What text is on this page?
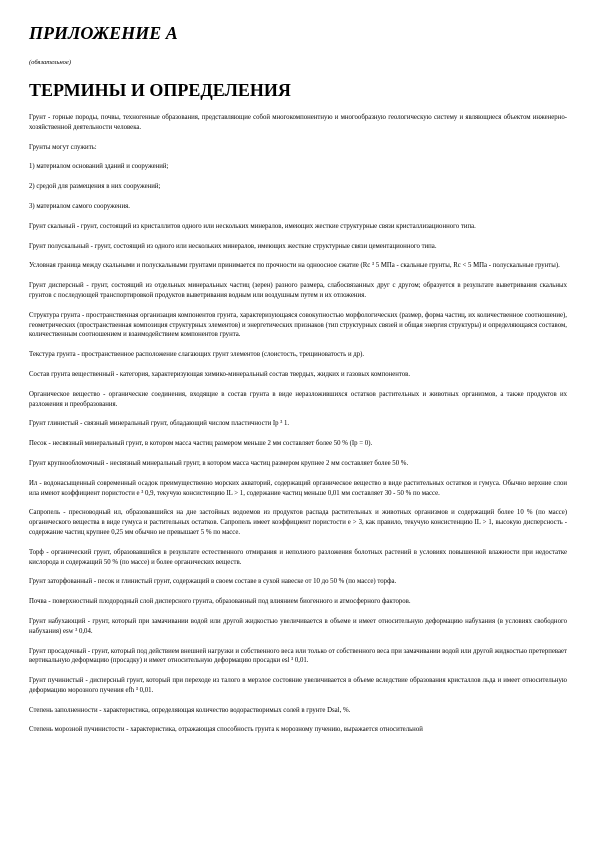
ПРИЛОЖЕНИЕ А

(обязательное)

ТЕРМИНЫ И ОПРЕДЕЛЕНИЯ

Грунт - горные породы, почвы, техногенные образования, представляющие собой многокомпонентную и многообразную геологическую систему и являющиеся объектом инженерно-хозяйственной деятельности человека.

Грунты могут служить:

1) материалом оснований зданий и сооружений;

2) средой для размещения в них сооружений;

3) материалом самого сооружения.

Грунт скальный - грунт, состоящий из кристаллитов одного или нескольких минералов, имеющих жесткие структурные связи кристаллизационного типа.

Грунт полускальный - грунт, состоящий из одного или нескольких минералов, имеющих жесткие структурные связи цементационного типа.

Условная граница между скальными и полускальными грунтами принимается по прочности на одноосное сжатие (Rc ³ 5 МПа - скальные грунты, Rc < 5 МПа - полускальные грунты).

Грунт дисперсный - грунт, состоящий из отдельных минеральных частиц (зерен) разного размера, слабосвязанных друг с другом; образуется в результате выветривания скальных грунтов с последующей транспортировкой продуктов выветривания водным или воздушным путем и их отложения.

Структура грунта - пространственная организация компонентов грунта, характеризующаяся совокупностью морфологических (размер, форма частиц, их количественное соотношение), геометрических (пространственная композиция структурных элементов) и энергетических признаков (тип структурных связей и общая энергия структуры) и определяющаяся составом, количественным соотношением и взаимодействием компонентов грунта.

Текстура грунта - пространственное расположение слагающих грунт элементов (слоистость, трещиноватость и др).

Состав грунта вещественный - категория, характеризующая химико-минеральный состав твердых, жидких и газовых компонентов.

Органическое вещество - органические соединения, входящие в состав грунта в виде неразложившихся остатков растительных и животных организмов, а также продуктов их разложения и преобразования.

Грунт глинистый - связный минеральный грунт, обладающий числом пластичности Ip ³ 1.

Песок - несвязный минеральный грунт, в котором масса частиц размером меньше 2 мм составляет более 50 % (Ip = 0).

Грунт крупнообломочный - несвязный минеральный грунт, в котором масса частиц размером крупнее 2 мм составляет более 50 %.

Ил - водонасыщенный современный осадок преимущественно морских акваторий, содержащий органическое вещество в виде растительных остатков и гумуса. Обычно верхние слои ила имеют коэффициент пористости е ³ 0,9, текучую консистенцию IL > 1, содержание частиц меньше 0,01 мм составляет 30 - 50 % по массе.

Сапропель - пресноводный ил, образовавшийся на дне застойных водоемов из продуктов распада растительных и животных организмов и содержащий более 10 % (по массе) органического вещества в виде гумуса и растительных остатков. Сапропель имеет коэффициент пористости е > 3, как правило, текучую консистенцию IL > 1, высокую дисперсность - содержание частиц крупнее 0,25 мм обычно не превышает 5 % по массе.

Торф - органический грунт, образовавшийся в результате естественного отмирания и неполного разложения болотных растений в условиях повышенной влажности при недостатке кислорода и содержащий 50 % (по массе) и более органических веществ.

Грунт заторфованный - песок и глинистый грунт, содержащий в своем составе в сухой навеске от 10 до 50 % (по массе) торфа.

Почва - поверхностный плодородный слой дисперсного грунта, образованный под влиянием биогенного и атмосферного факторов.

Грунт набухающий - грунт, который при замачивании водой или другой жидкостью увеличивается в объеме и имеет относительную деформацию набухания (в условиях свободного набухания) esw ³ 0,04.

Грунт просадочный - грунт, который под действием внешней нагрузки и собственного веса или только от собственного веса при замачивании водой или другой жидкостью претерпевает вертикальную деформацию (просадку) и имеет относительную деформацию просадки esl ³ 0,01.

Грунт пучинистый - дисперсный грунт, который при переходе из талого в мерзлое состояние увеличивается в объеме вследствие образования кристаллов льда и имеет относительную деформацию морозного пучения efh ³ 0,01.

Степень заполненности - характеристика, определяющая количество водорастворимых солей в грунте Dsal, %.

Степень морозной пучинистости - характеристика, отражающая способность грунта к морозному пучению, выражается относительной
